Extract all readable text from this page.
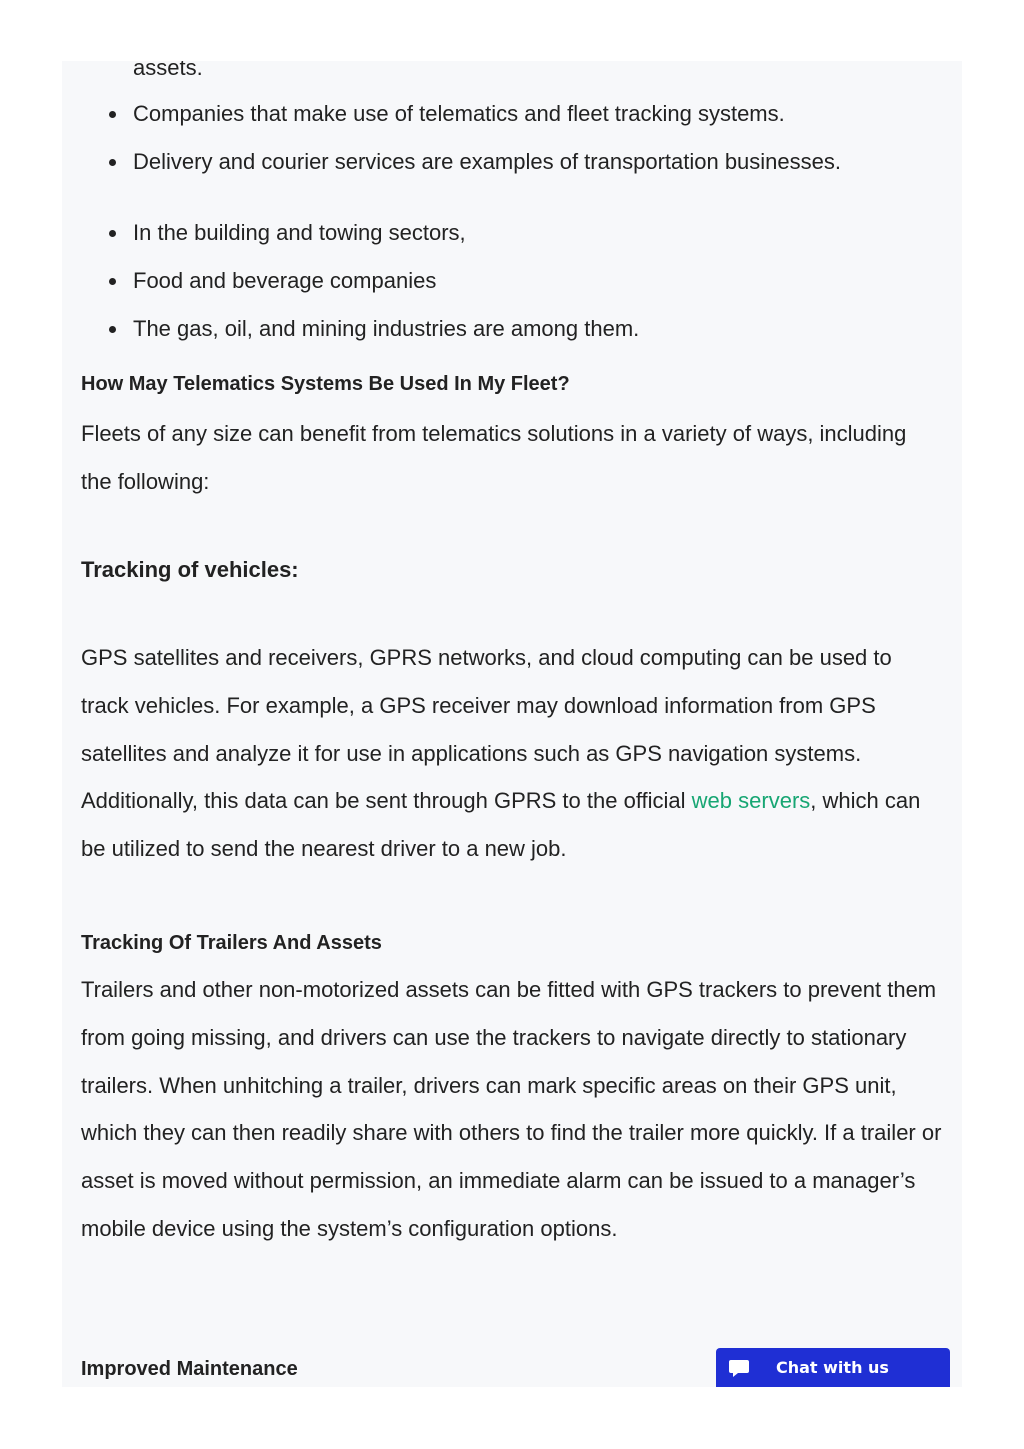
assets.
Companies that make use of telematics and fleet tracking systems.
Delivery and courier services are examples of transportation businesses.
In the building and towing sectors,
Food and beverage companies
The gas, oil, and mining industries are among them.
How May Telematics Systems Be Used In My Fleet?

Fleets of any size can benefit from telematics solutions in a variety of ways, including the following:

Tracking of vehicles:

GPS satellites and receivers, GPRS networks, and cloud computing can be used to track vehicles. For example, a GPS receiver may download information from GPS satellites and analyze it for use in applications such as GPS navigation systems. Additionally, this data can be sent through GPRS to the official web servers, which can be utilized to send the nearest driver to a new job.

Tracking Of Trailers And Assets

Trailers and other non-motorized assets can be fitted with GPS trackers to prevent them from going missing, and drivers can use the trackers to navigate directly to stationary trailers. When unhitching a trailer, drivers can mark specific areas on their GPS unit, which they can then readily share with others to find the trailer more quickly. If a trailer or asset is moved without permission, an immediate alarm can be issued to a manager’s mobile device using the system’s configuration options.

Improved Maintenance	Chat with us
